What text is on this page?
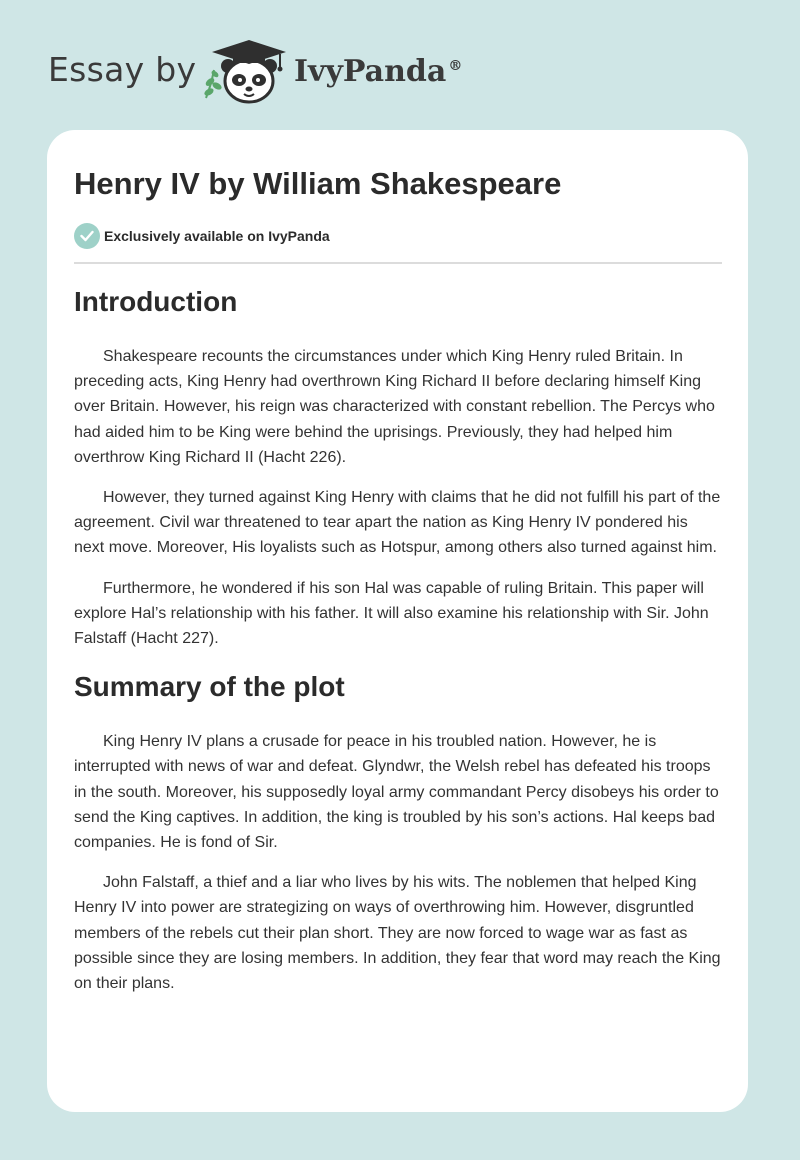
Essay by	IvyPanda ®
Henry IV by William Shakespeare
Exclusively available on IvyPanda
Introduction

Shakespeare recounts the circumstances under which King Henry ruled Britain. In preceding acts, King Henry had overthrown King Richard II before declaring himself King over Britain. However, his reign was characterized with constant rebellion. The Percys who had aided him to be King were behind the uprisings. Previously, they had helped him overthrow King Richard II (Hacht 226).

However, they turned against King Henry with claims that he did not fulfill his part of the agreement. Civil war threatened to tear apart the nation as King Henry IV pondered his next move. Moreover, His loyalists such as Hotspur, among others also turned against him.

Furthermore, he wondered if his son Hal was capable of ruling Britain. This paper will explore Hal’s relationship with his father. It will also examine his relationship with Sir. John Falstaff (Hacht 227).

Summary of the plot

King Henry IV plans a crusade for peace in his troubled nation. However, he is interrupted with news of war and defeat. Glyndwr, the Welsh rebel has defeated his troops in the south. Moreover, his supposedly loyal army commandant Percy disobeys his order to send the King captives. In addition, the king is troubled by his son’s actions. Hal keeps bad companies. He is fond of Sir.

John Falstaff, a thief and a liar who lives by his wits. The noblemen that helped King Henry IV into power are strategizing on ways of overthrowing him. However, disgruntled members of the rebels cut their plan short. They are now forced to wage war as fast as possible since they are losing members. In addition, they fear that word may reach the King on their plans.
